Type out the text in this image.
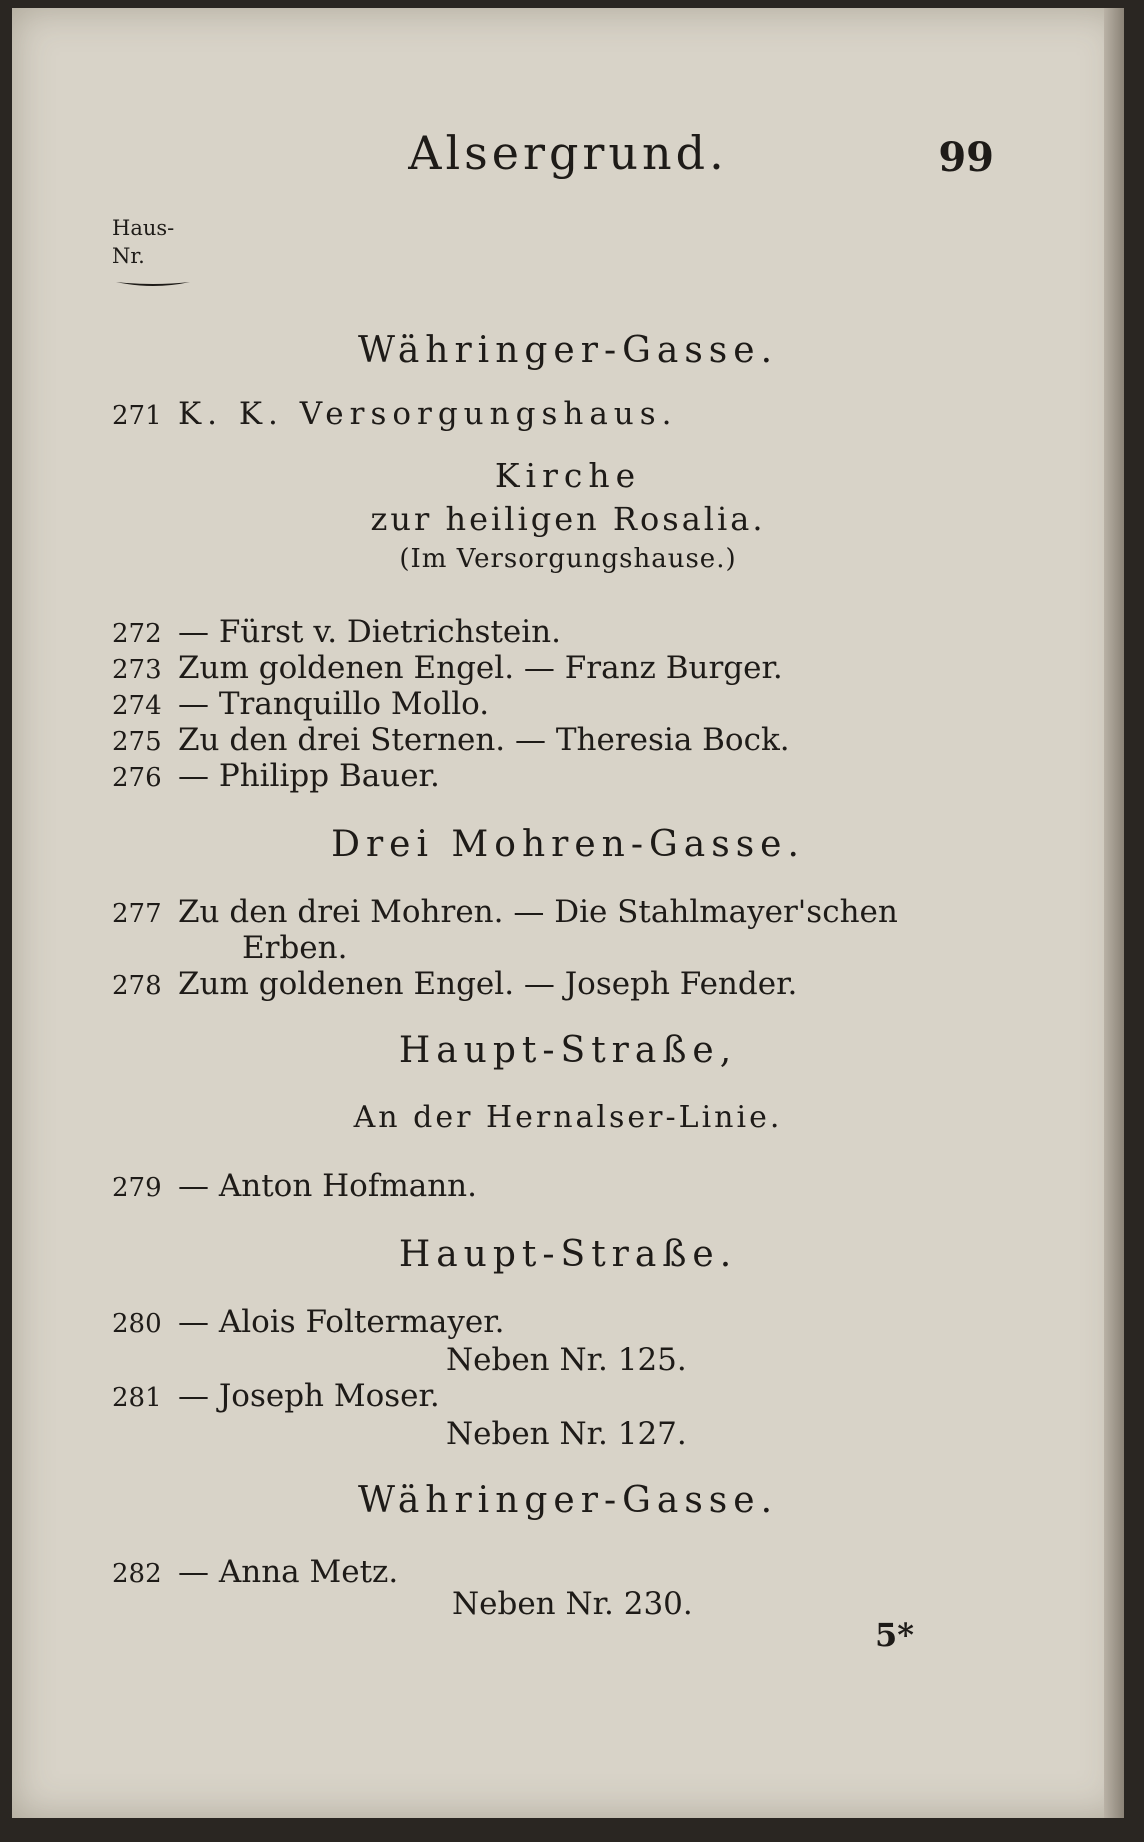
Alsergrund.	99
Haus-
Nr.
Währinger-Gasse.
271 K. K. Versorgungshaus.
Kirche
zur heiligen Rosalia.
(Im Versorgungshause.)
272 — Fürst v. Dietrichstein.
273 Zum goldenen Engel. — Franz Burger.
274 — Tranquillo Mollo.
275 Zu den drei Sternen. — Theresia Bock.
276 — Philipp Bauer.
Drei Mohren-Gasse.
277 Zu den drei Mohren. — Die Stahlmayer'schen
Erben.
278 Zum goldenen Engel. — Joseph Fender.
Haupt-Straße,
An der Hernalser-Linie.
279 — Anton Hofmann.
Haupt-Straße.
280 — Alois Foltermayer.
Neben Nr. 125.
281 — Joseph Moser.
Neben Nr. 127.
Währinger-Gasse.
282 — Anna Metz.
Neben Nr. 230.
5*
